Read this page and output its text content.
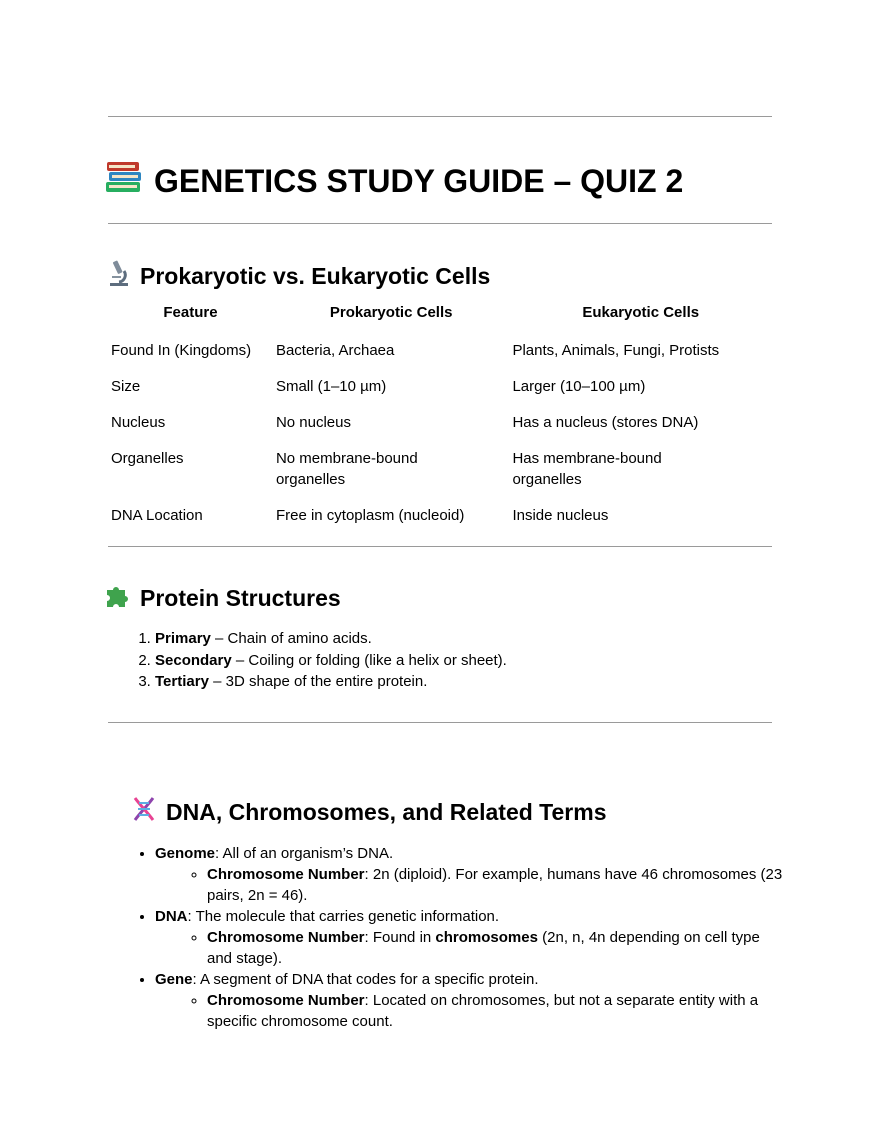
GENETICS STUDY GUIDE – QUIZ 2
Prokaryotic vs. Eukaryotic Cells
Feature	Prokaryotic Cells	Eukaryotic Cells
Found In (Kingdoms)	Bacteria, Archaea	Plants, Animals, Fungi, Protists
Size	Small (1–10 µm)	Larger (10–100 µm)
Nucleus	No nucleus	Has a nucleus (stores DNA)
Organelles	No membrane-bound organelles	Has membrane-bound organelles
DNA Location	Free in cytoplasm (nucleoid)	Inside nucleus
Protein Structures
1. Primary – Chain of amino acids.
2. Secondary – Coiling or folding (like a helix or sheet).
3. Tertiary – 3D shape of the entire protein.
DNA, Chromosomes, and Related Terms
• Genome: All of an organism’s DNA.
◦ Chromosome Number: 2n (diploid). For example, humans have 46 chromosomes (23 pairs, 2n = 46).
• DNA: The molecule that carries genetic information.
◦ Chromosome Number: Found in chromosomes (2n, n, 4n depending on cell type and stage).
• Gene: A segment of DNA that codes for a specific protein.
◦ Chromosome Number: Located on chromosomes, but not a separate entity with a specific chromosome count.
